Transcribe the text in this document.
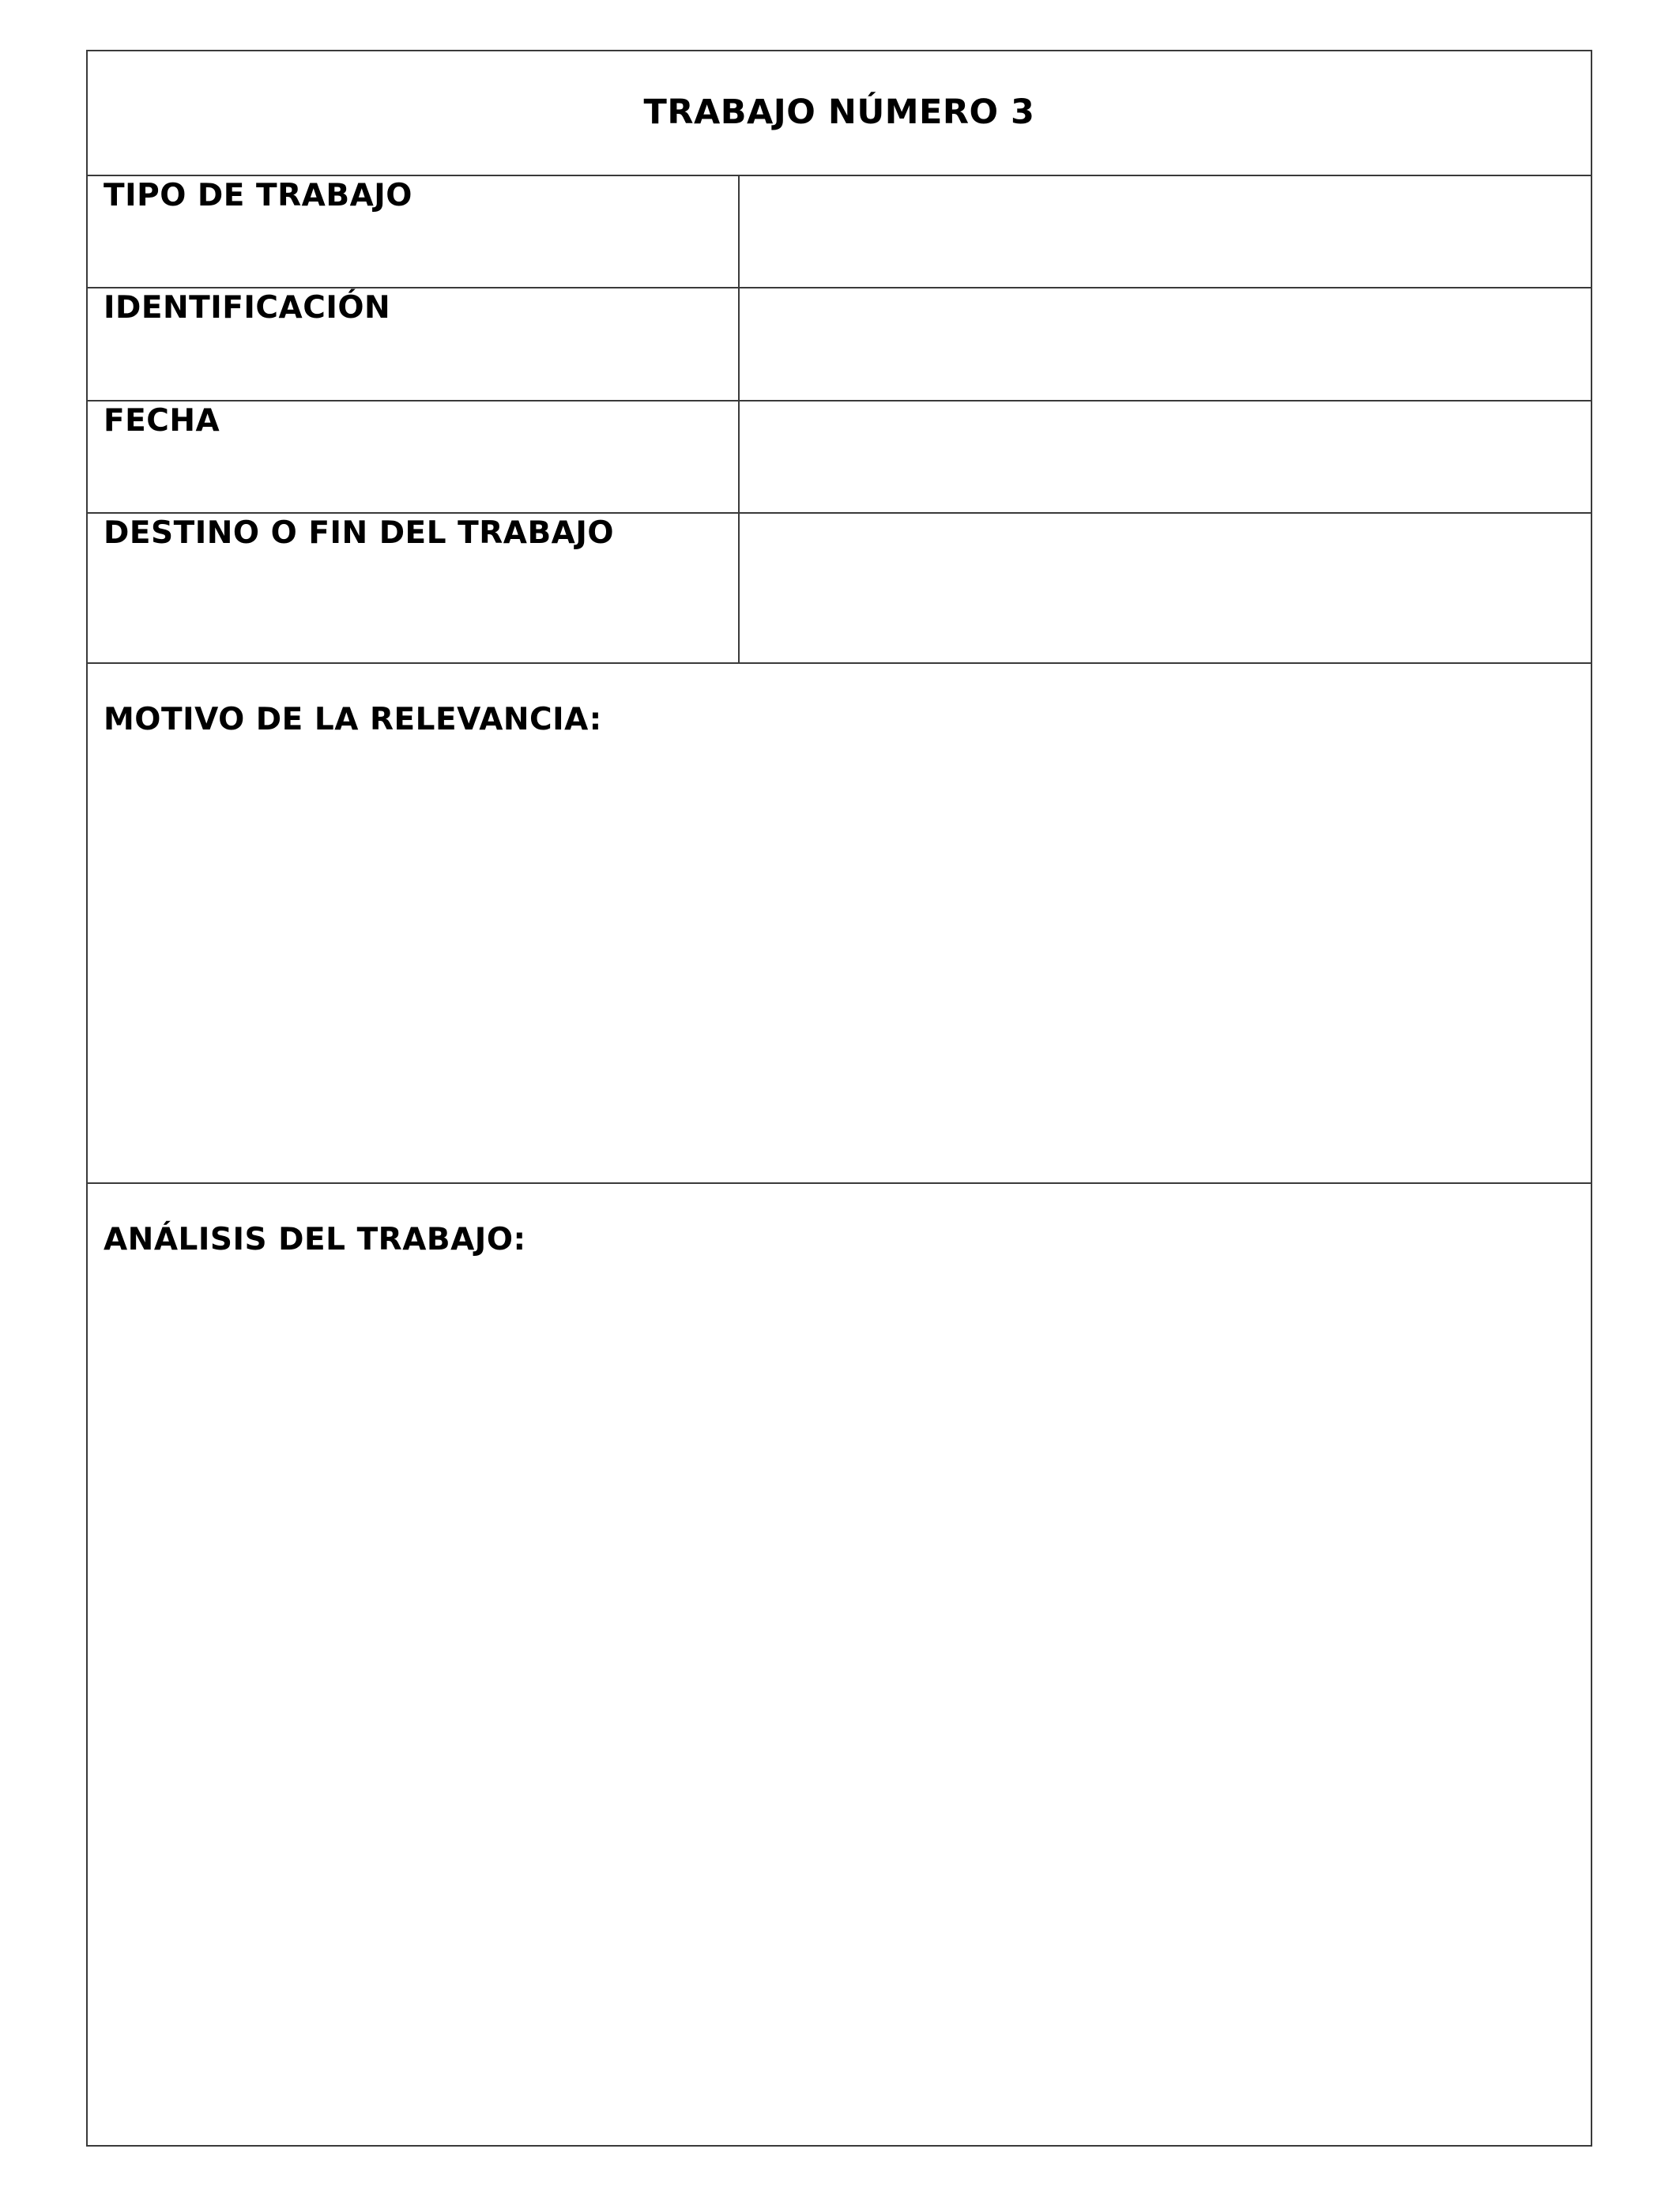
TRABAJO NÚMERO 3
TIPO DE TRABAJO
IDENTIFICACIÓN
FECHA
DESTINO O FIN DEL TRABAJO
MOTIVO DE LA RELEVANCIA:
ANÁLISIS DEL TRABAJO:
